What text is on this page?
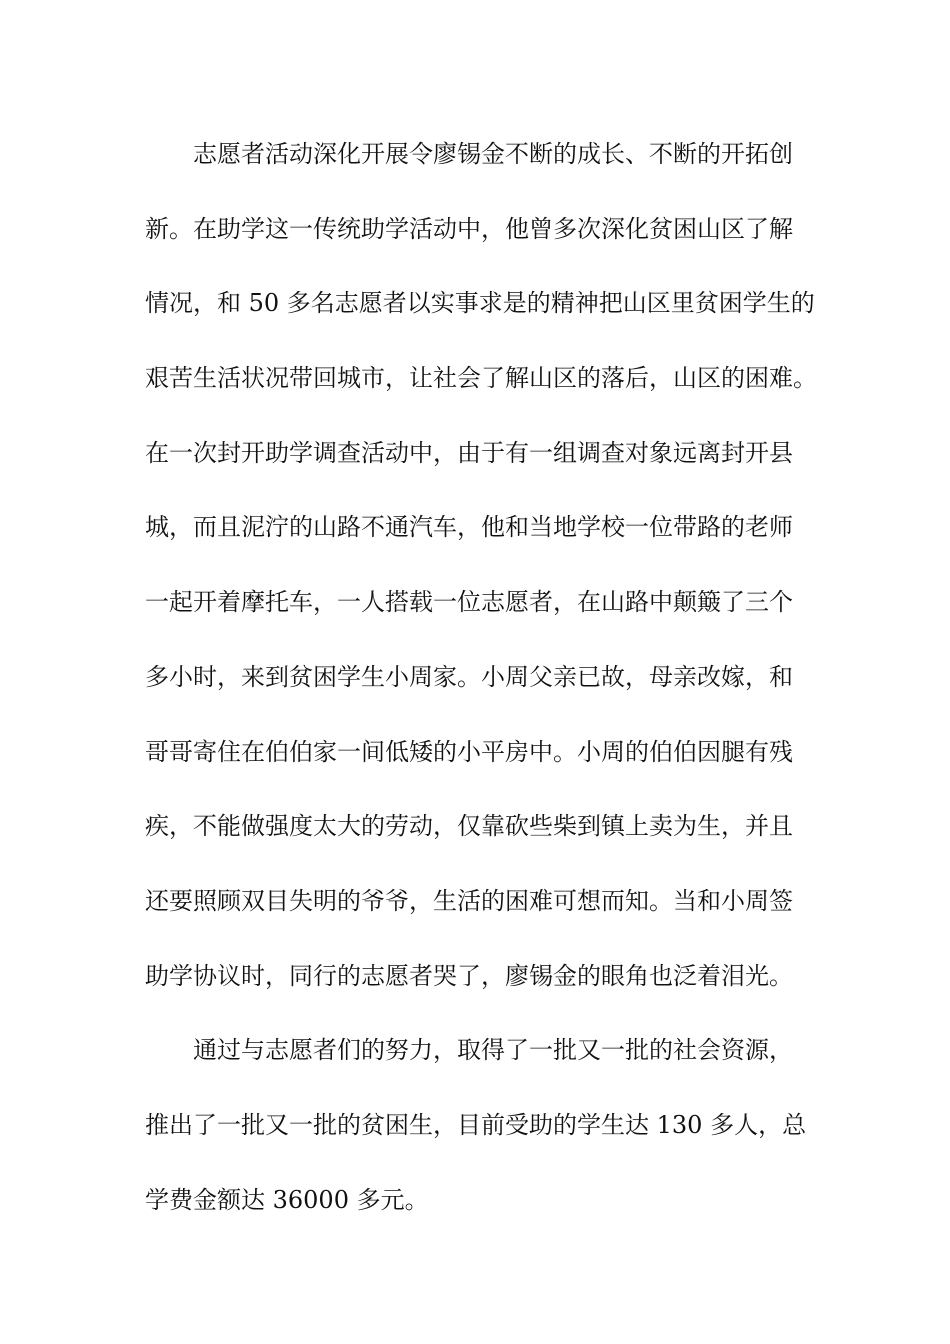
志愿者活动深化开展令廖锡金不断的成长、不断的开拓创
新。在助学这一传统助学活动中，他曾多次深化贫困山区了解
情况，和 50 多名志愿者以实事求是的精神把山区里贫困学生的
艰苦生活状况带回城市，让社会了解山区的落后，山区的困难。
在一次封开助学调查活动中，由于有一组调查对象远离封开县
城，而且泥泞的山路不通汽车，他和当地学校一位带路的老师
一起开着摩托车，一人搭载一位志愿者，在山路中颠簸了三个
多小时，来到贫困学生小周家。小周父亲已故，母亲改嫁，和
哥哥寄住在伯伯家一间低矮的小平房中。小周的伯伯因腿有残
疾，不能做强度太大的劳动，仅靠砍些柴到镇上卖为生，并且
还要照顾双目失明的爷爷，生活的困难可想而知。当和小周签
助学协议时，同行的志愿者哭了，廖锡金的眼角也泛着泪光。
通过与志愿者们的努力，取得了一批又一批的社会资源，
推出了一批又一批的贫困生，目前受助的学生达 130 多人，总
学费金额达 36000 多元。
